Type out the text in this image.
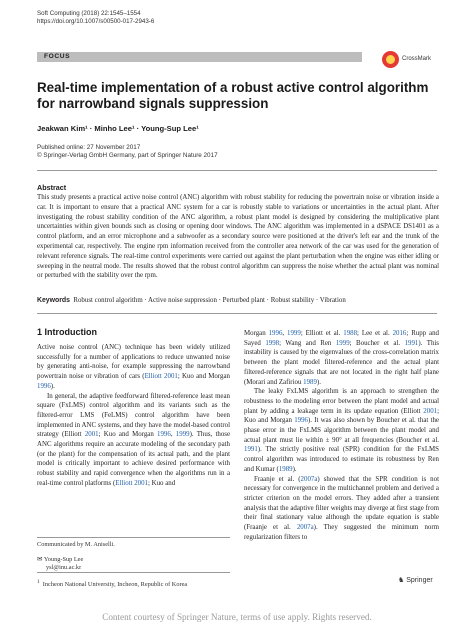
Soft Computing (2018) 22:1545–1554
https://doi.org/10.1007/s00500-017-2943-6
FOCUS	CrossMark
Real-time implementation of a robust active control algorithm for narrowband signals suppression
Jeakwan Kim¹ · Minho Lee¹ · Young-Sup Lee¹
Published online: 27 November 2017
© Springer-Verlag GmbH Germany, part of Springer Nature 2017
Abstract
This study presents a practical active noise control (ANC) algorithm with robust stability for reducing the powertrain noise or vibration inside a car. It is important to ensure that a practical ANC system for a car is robustly stable to variations or uncertainties in the actual plant. After investigating the robust stability condition of the ANC algorithm, a robust plant model is designed by considering the multiplicative plant uncertainties within given bounds such as closing or opening door windows. The ANC algorithm was implemented in a dSPACE DS1401 as a control platform, and an error microphone and a subwoofer as a secondary source were positioned at the driver's left ear and the trunk of the experimental car, respectively. The engine rpm information received from the controller area network of the car was used for the generation of relevant reference signals. The real-time control experiments were carried out against the plant perturbation when the engine was either idling or sweeping in the neutral mode. The results showed that the robust control algorithm can suppress the noise whether the actual plant was nominal or perturbed with the stability over the rpm.
Keywords Robust control algorithm · Active noise suppression · Perturbed plant · Robust stability · Vibration
1 Introduction

Active noise control (ANC) technique has been widely utilized successfully for a number of applications to reduce unwanted noise by generating anti-noise, for example suppressing the narrowband powertrain noise or vibration of cars (Elliott 2001; Kuo and Morgan 1996).

In general, the adaptive feedforward filtered-reference least mean square (FxLMS) control algorithm and its variants such as the filtered-error LMS (FeLMS) control algorithm have been implemented in ANC systems, and they have the model-based control strategy (Elliott 2001; Kuo and Morgan 1996, 1999). Thus, those ANC algorithms require an accurate modeling of the secondary path (or the plant) for the compensation of its actual path, and the plant model is critically important to achieve desired performance with robust stability and rapid convergence when the algorithms run in a real-time control platforms (Elliott 2001; Kuo and

Morgan 1996, 1999; Elliott et al. 1988; Lee et al. 2016; Rupp and Sayed 1998; Wang and Ren 1999; Boucher et al. 1991). This instability is caused by the eigenvalues of the cross-correlation matrix between the plant model filtered-reference and the actual plant filtered-reference signals that are not located in the right half plane (Morari and Zafiriou 1989).

The leaky FxLMS algorithm is an approach to strengthen the robustness to the modeling error between the plant model and actual plant by adding a leakage term in its update equation (Elliott 2001; Kuo and Morgan 1996). It was also shown by Boucher et al. that the phase error in the FxLMS algorithm between the plant model and actual plant must lie within ± 90° at all frequencies (Boucher et al. 1991). The strictly positive real (SPR) condition for the FxLMS control algorithm was introduced to estimate its robustness by Ren and Kumar (1989).

Fraanje et al. (2007a) showed that the SPR condition is not necessary for convergence in the multichannel problem and derived a stricter criterion on the model errors. They added after a transient analysis that the adaptive filter weights may diverge at first stage from their final stationary value although the update equation is stable (Fraanje et al. 2007a). They suggested the minimum norm regularization filters to

Communicated by M. Aniselli.
✉ Young-Sup Lee
ysl@inu.ac.kr
$^1$ Incheon National University, Incheon, Republic of Korea
♞ Springer
Content courtesy of Springer Nature, terms of use apply. Rights reserved.
